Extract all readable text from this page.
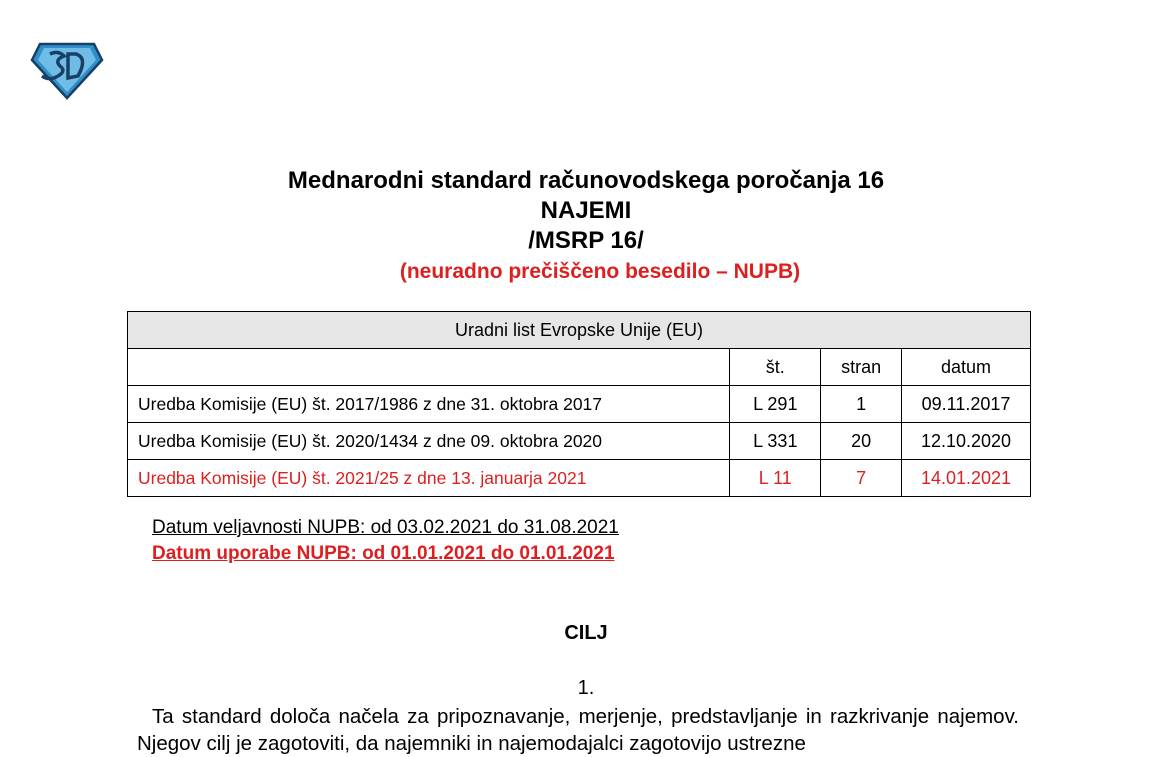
Mednarodni standard računovodskega poročanja 16
NAJEMI
/MSRP 16/
(neuradno prečiščeno besedilo – NUPB)
Uradni list Evropske Unije (EU)			
	št.	stran	datum
Uredba Komisije (EU) št. 2017/1986 z dne 31. oktobra 2017	L 291	1	09.11.2017
Uredba Komisije (EU) št. 2020/1434 z dne 09. oktobra 2020	L 331	20	12.10.2020
Uredba Komisije (EU) št. 2021/25 z dne 13. januarja 2021	L 11	7	14.01.2021
Datum veljavnosti NUPB: od 03.02.2021 do 31.08.2021
Datum uporabe NUPB: od 01.01.2021 do 01.01.2021
CILJ
1.
Ta standard določa načela za pripoznavanje, merjenje, predstavljanje in razkrivanje najemov. Njegov cilj je zagotoviti, da najemniki in najemodajalci zagotovijo ustrezne
